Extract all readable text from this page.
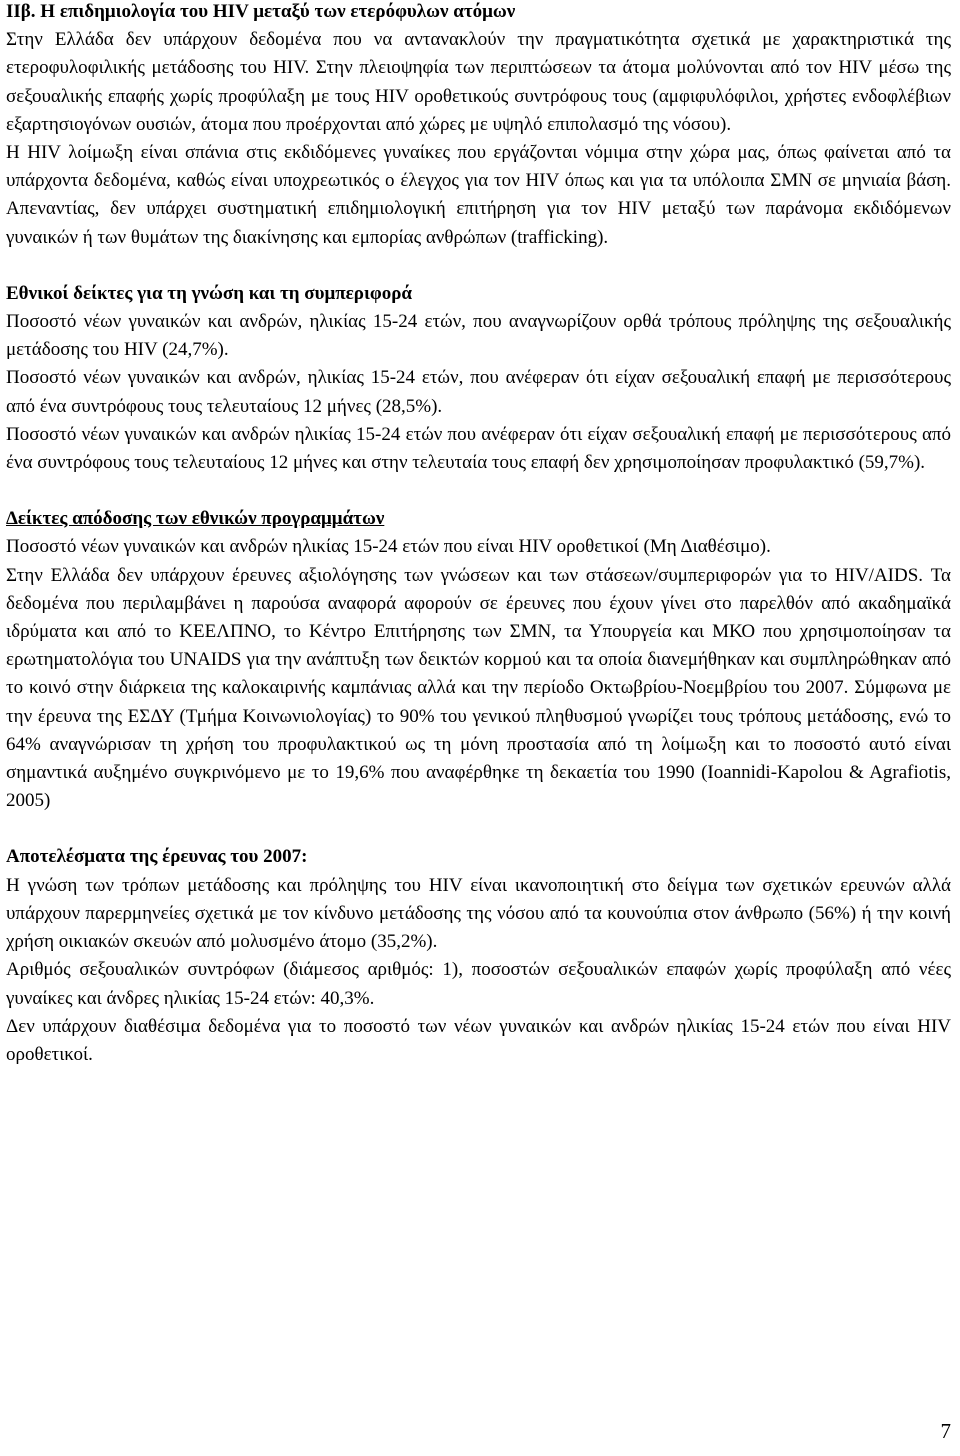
ΙΙβ. Η επιδημιολογία του HIV μεταξύ των ετερόφυλων ατόμων

Στην Ελλάδα δεν υπάρχουν δεδομένα που να αντανακλούν την πραγματικότητα σχετικά με χαρακτηριστικά της ετεροφυλοφιλικής μετάδοσης του HIV. Στην πλειοψηφία των περιπτώσεων τα άτομα μολύνονται από τον HIV μέσω της σεξουαλικής επαφής χωρίς προφύλαξη με τους HIV οροθετικούς συντρόφους τους (αμφιφυλόφιλοι, χρήστες ενδοφλέβιων εξαρτησιογόνων ουσιών, άτομα που προέρχονται από χώρες με υψηλό επιπολασμό της νόσου).

Η HIV λοίμωξη είναι σπάνια στις εκδιδόμενες γυναίκες που εργάζονται νόμιμα στην χώρα μας, όπως φαίνεται από τα υπάρχοντα δεδομένα, καθώς είναι υποχρεωτικός ο έλεγχος για τον HIV όπως και για τα υπόλοιπα ΣΜΝ σε μηνιαία βάση. Απεναντίας, δεν υπάρχει συστηματική επιδημιολογική επιτήρηση για τον HIV μεταξύ των παράνομα εκδιδόμενων γυναικών ή των θυμάτων της διακίνησης και εμπορίας ανθρώπων (trafficking).

Εθνικοί δείκτες για τη γνώση και τη συμπεριφορά

Ποσοστό νέων γυναικών και ανδρών, ηλικίας 15-24 ετών, που αναγνωρίζουν ορθά τρόπους πρόληψης της σεξουαλικής μετάδοσης του HIV (24,7%).

Ποσοστό νέων γυναικών και ανδρών, ηλικίας 15-24 ετών, που ανέφεραν ότι είχαν σεξουαλική επαφή με περισσότερους από ένα συντρόφους τους τελευταίους 12 μήνες (28,5%).

Ποσοστό νέων γυναικών και ανδρών ηλικίας 15-24 ετών που ανέφεραν ότι είχαν σεξουαλική επαφή με περισσότερους από ένα συντρόφους τους τελευταίους 12 μήνες και στην τελευταία τους επαφή δεν χρησιμοποίησαν προφυλακτικό (59,7%).

Δείκτες απόδοσης των εθνικών προγραμμάτων

Ποσοστό νέων γυναικών και ανδρών ηλικίας 15-24 ετών που είναι HIV οροθετικοί (Μη Διαθέσιμο).

Στην Ελλάδα δεν υπάρχουν έρευνες αξιολόγησης των γνώσεων και των στάσεων/συμπεριφορών για το HIV/AIDS. Τα δεδομένα που περιλαμβάνει η παρούσα αναφορά αφορούν σε έρευνες που έχουν γίνει στο παρελθόν από ακαδημαϊκά ιδρύματα και από το ΚΕΕΛΠΝΟ, το Κέντρο Επιτήρησης των ΣΜΝ, τα Υπουργεία και ΜΚΟ που χρησιμοποίησαν τα ερωτηματολόγια του UNAIDS για την ανάπτυξη των δεικτών κορμού και τα οποία διανεμήθηκαν και συμπληρώθηκαν από το κοινό στην διάρκεια της καλοκαιρινής καμπάνιας αλλά και την περίοδο Οκτωβρίου-Νοεμβρίου του 2007. Σύμφωνα με την έρευνα της ΕΣΔΥ (Τμήμα Κοινωνιολογίας) το 90% του γενικού πληθυσμού γνωρίζει τους τρόπους μετάδοσης, ενώ το 64% αναγνώρισαν τη χρήση του προφυλακτικού ως τη μόνη προστασία από τη λοίμωξη και το ποσοστό αυτό είναι σημαντικά αυξημένο συγκρινόμενο με το 19,6% που αναφέρθηκε τη δεκαετία του 1990 (Ioannidi-Kapolou & Agrafiotis, 2005)

Αποτελέσματα της έρευνας του 2007:

Η γνώση των τρόπων μετάδοσης και πρόληψης του HIV είναι ικανοποιητική στο δείγμα των σχετικών ερευνών αλλά υπάρχουν παρερμηνείες σχετικά με τον κίνδυνο μετάδοσης της νόσου από τα κουνούπια στον άνθρωπο (56%) ή την κοινή χρήση οικιακών σκευών από μολυσμένο άτομο (35,2%).

Αριθμός σεξουαλικών συντρόφων (διάμεσος αριθμός: 1), ποσοστών σεξουαλικών επαφών χωρίς προφύλαξη από νέες γυναίκες και άνδρες ηλικίας 15-24 ετών: 40,3%.

Δεν υπάρχουν διαθέσιμα δεδομένα για το ποσοστό των νέων γυναικών και ανδρών ηλικίας 15-24 ετών που είναι HIV οροθετικοί.

7
